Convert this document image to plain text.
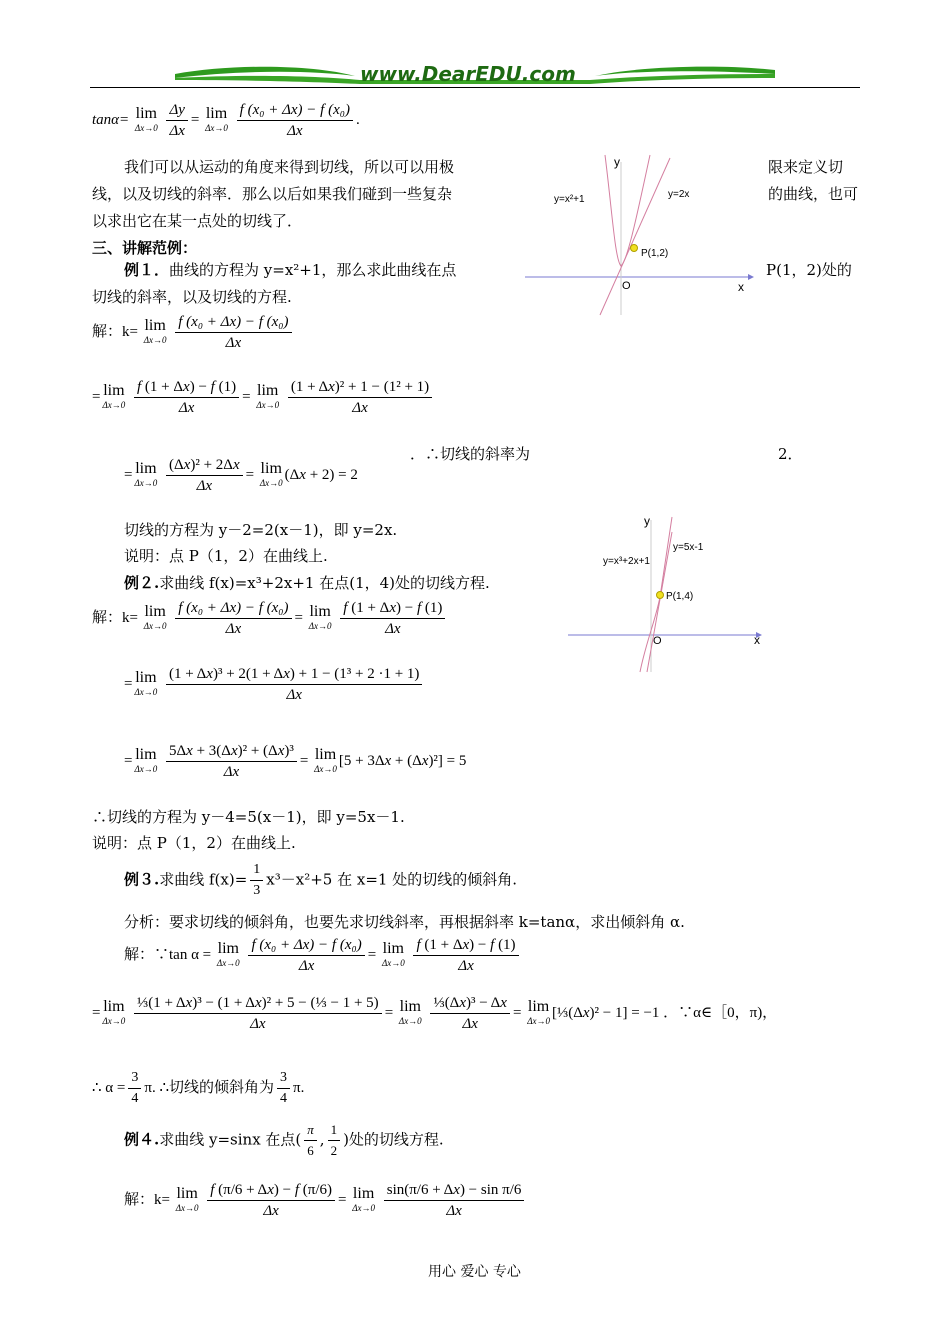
www.DearEDU.com
tanα= lim
Δx→0
$\frac{\Delta y}{\Delta x} = \lim$
Δx→0
$\frac{\text{f (x₀ + Δx) − f (x₀)}}{\Delta x}$ .
我们可以从运动的角度来得到切线，所以可以用极	限来定义切
线，以及切线的斜率．那么以后如果我们碰到一些复杂	的曲线，也可
以求出它在某一点处的切线了．
三、讲解范例：
y
x
O
y=x²+1	y=2x
P(1,2)
例１．曲线的方程为 y=x²+1，那么求此曲线在点	P(1，2)处的
切线的斜率，以及切线的方程.
解：k= lim
Δx→0
$\frac{\text{f (x₀ + Δx) − f (x₀)}}{\Delta x}$
= lim
Δx→0
$\frac{f (1 + \Delta x) - f (1)}{\Delta x} = \lim$
Δx→0
$\frac{\text{(1 + Δx)² + 1 − (1² + 1)}}{\Delta x}$
= lim
Δx→0
$\frac{\text{(Δx)² + 2Δx}}{\Delta x} = \lim$
Δx→0 (Δx + 2) = 2
．∴切线的斜率为	2．
切线的方程为 y－2=2(x－1)，即 y=2x.
说明：点 P（1，2）在曲线上.
y
x
O
y=x³+2x+1
y=5x-1
P(1,4)
例２.求曲线 f(x)=x³+2x+1 在点(1，4)处的切线方程.
解：k= lim
Δx→0
$\frac{\text{f (x₀ + Δx) − f (x₀)}}{\Delta x} = \lim$
Δx→0
$\frac{f (1 + \Delta x) - f (1)}{\Delta x}$
= lim
Δx→0
$\frac{\text{(1 + Δx)³ + 2(1 + Δx) + 1 − (1³ + 2 ·1 + 1)}}{\Delta x}$
= lim
Δx→0
$\frac{\text{5Δx + 3(Δx)² + (Δx)³}}{\Delta x} = \lim$
Δx→0 [5 + 3Δx + (Δx)²] = 5
∴切线的方程为 y－4=5(x－1)，即 y=5x－1.
说明：点 P（1，2）在曲线上.
例３.求曲线 $f(x)= \frac{1}{3} x^3-x^2+5$ 在 x=1 处的切线的倾斜角.
分析：要求切线的倾斜角，也要先求切线斜率，再根据斜率 k=tanα，求出倾斜角 α.
解：∵tan α = lim
Δx→0
$\frac{\text{f (x₀ + Δx) − f (x₀)}}{\Delta x} = \lim$
Δx→0
$\frac{f (1 + \Delta x) - f (1)}{\Delta x}$
= lim
Δx→0
$\frac{\text{⅓(1 + Δx)³ − (1 + Δx)² + 5 − (⅓ − 1 + 5)}}{\Delta x} = \lim$
Δx→0
$\frac{\text{⅓(Δx)³ − Δx}}{\Delta x} = \lim$
Δx→0 [⅓(Δx)² − 1] = −1 ．∵α∈［0，π)，
∴ $\alpha = \frac{3}{4} \pi$. ∴切线的倾斜角为 $\frac{3}{4} \pi$.
例４.求曲线 y=sinx 在点( $\frac{\pi}{6}$ , $\frac{1}{2}$ )处的切线方程.
解：k= lim
Δx→0
$\frac{f (\pi/6 + \Delta x) - f (\pi/6)}{\Delta x} = \lim$
Δx→0
$\frac{\text{sin(π/6 + Δx) − sin π/6}}{\Delta x}$
用心 爱心 专心
